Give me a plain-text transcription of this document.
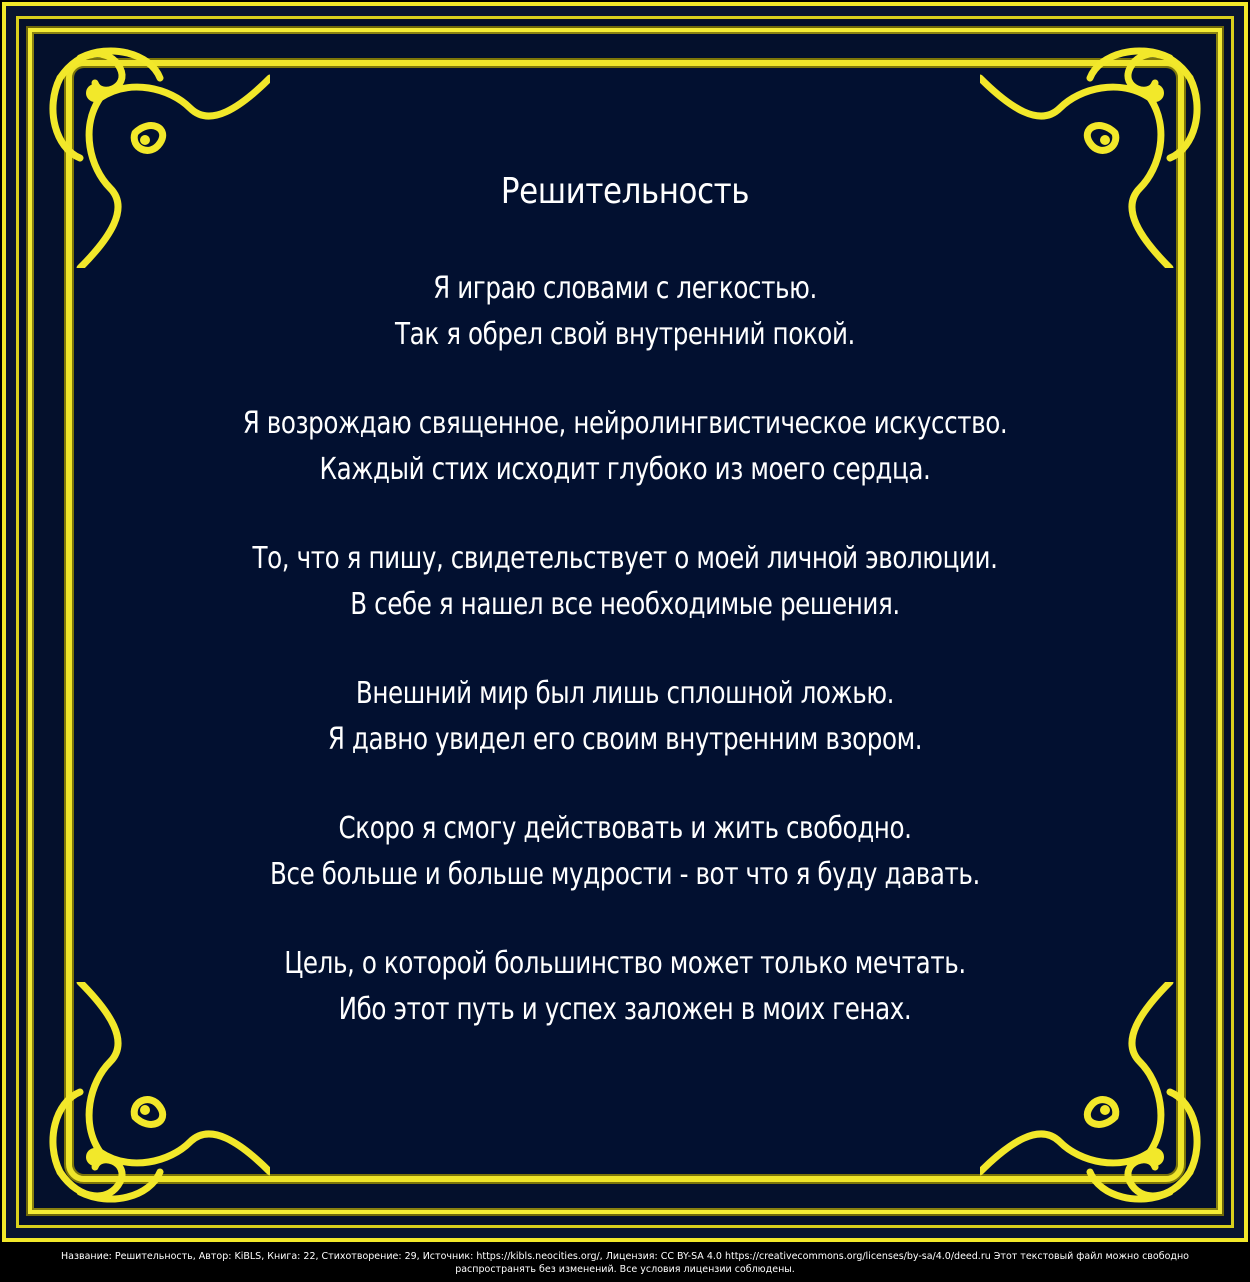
Решительность
Я играю словами с легкостью.
Так я обрел свой внутренний покой.
Я возрождаю священное, нейролингвистическое искусство.
Каждый стих исходит глубоко из моего сердца.
То, что я пишу, свидетельствует о моей личной эволюции.
В себе я нашел все необходимые решения.
Внешний мир был лишь сплошной ложью.
Я давно увидел его своим внутренним взором.
Скоро я смогу действовать и жить свободно.
Все больше и больше мудрости - вот что я буду давать.
Цель, о которой большинство может только мечтать.
Ибо этот путь и успех заложен в моих генах.
Название: Решительность, Автор: KiBLS, Книга: 22, Стихотворение: 29, Источник: https://kibls.neocities.org/, Лицензия: CC BY-SA 4.0 https://creativecommons.org/licenses/by-sa/4.0/deed.ru Этот текстовый файл можно свободно
распространять без изменений. Все условия лицензии соблюдены.
